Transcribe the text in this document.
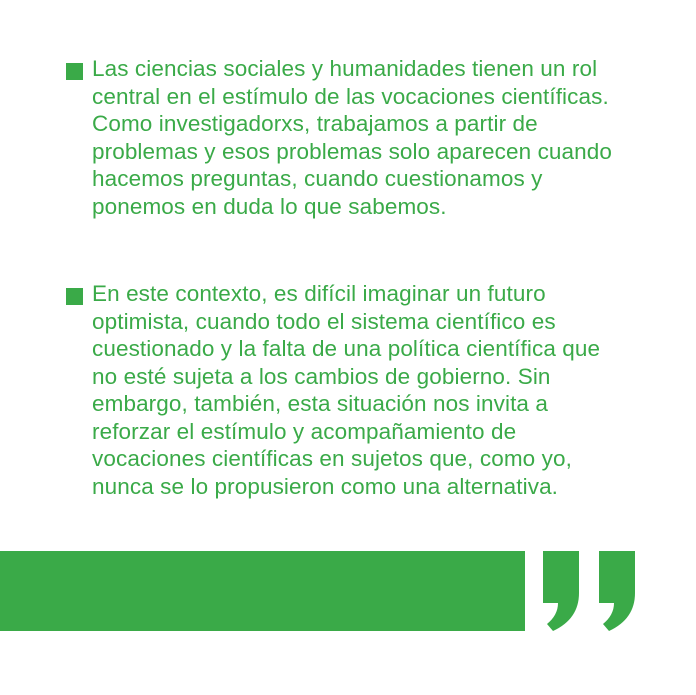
Las ciencias sociales y humanidades tienen un rol central en el estímulo de las vocaciones científicas. Como investigadorxs, trabajamos a partir de problemas y esos problemas solo aparecen cuando hacemos preguntas, cuando cuestionamos y ponemos en duda lo que sabemos.

En este contexto, es difícil imaginar un futuro optimista, cuando todo el sistema científico es cuestionado y la falta de una política científica que no esté sujeta a los cambios de gobierno. Sin embargo, también, esta situación nos invita a reforzar el estímulo y acompañamiento de vocaciones científicas en sujetos que, como yo, nunca se lo propusieron como una alternativa.
